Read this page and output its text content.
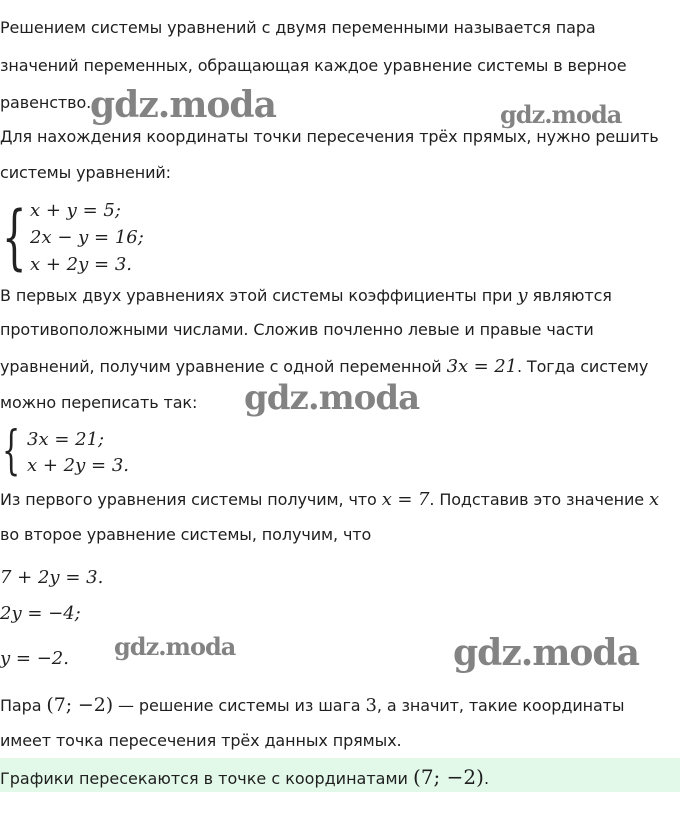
Решением системы уравнений с двумя переменными называется пара
значений переменных, обращающая каждое уравнение системы в верное
равенство.
Для нахождения координаты точки пересечения трёх прямых, нужно решить
системы уравнений:
{ x + y = 5;
2x − y = 16;
x + 2y = 3.
В первых двух уравнениях этой системы коэффициенты при y являются
противоположными числами. Сложив почленно левые и правые части
уравнений, получим уравнение с одной переменной 3x = 21. Тогда систему
можно переписать так:
{ 3x = 21;
x + 2y = 3.
Из первого уравнения системы получим, что x = 7. Подставив это значение x
во второе уравнение системы, получим, что
7 + 2y = 3.
2y = −4;
y = −2.
Пара (7; −2) — решение системы из шага 3, а значит, такие координаты
имеет точка пересечения трёх данных прямых.
Графики пересекаются в точке с координатами (7; −2).
gdz.moda	gdz.moda
gdz.moda
gdz.moda	gdz.moda
